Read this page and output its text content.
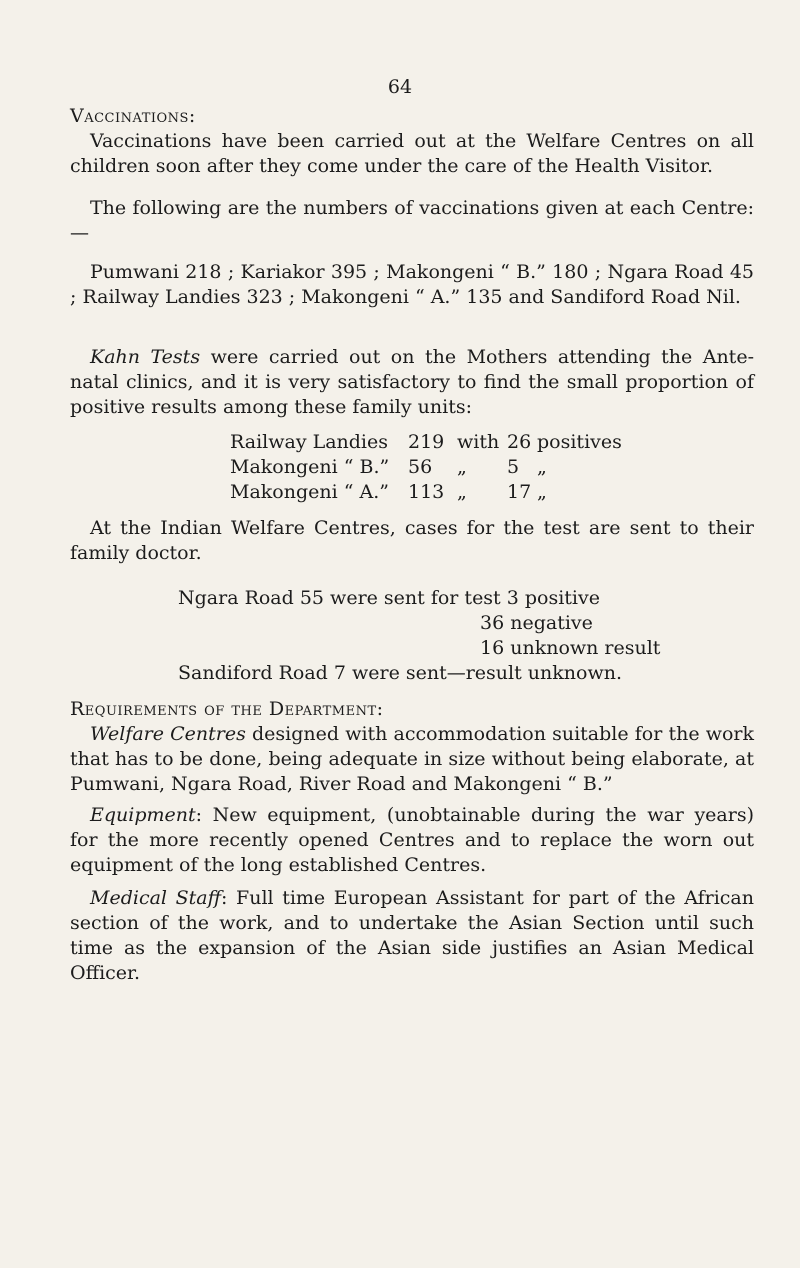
64
Vaccinations:

Vaccinations have been carried out at the Welfare Centres on all children soon after they come under the care of the Health Visitor.

The following are the numbers of vaccinations given at each Centre:—

Pumwani 218 ; Kariakor 395 ; Makongeni “ B.” 180 ; Ngara Road 45 ; Railway Landies 323 ; Makongeni “ A.” 135 and Sandiford Road Nil.

Kahn Tests were carried out on the Mothers attending the Ante-natal clinics, and it is very satisfactory to find the small proportion of positive results among these family units:

Railway Landies	219	with	26	positives
Makongeni “ B.”	56	„	5	„
Makongeni “ A.”	113	„	17	„

At the Indian Welfare Centres, cases for the test are sent to their family doctor.

Ngara Road 55 were sent for test 3 positive
36 negative
16 unknown result
Sandiford Road 7 were sent—result unknown.
Requirements of the Department:

Welfare Centres designed with accommodation suitable for the work that has to be done, being adequate in size without being elaborate, at Pumwani, Ngara Road, River Road and Makongeni “ B.”

Equipment: New equipment, (unobtainable during the war years) for the more recently opened Centres and to replace the worn out equipment of the long established Centres.

Medical Staff: Full time European Assistant for part of the African section of the work, and to undertake the Asian Section until such time as the expansion of the Asian side justifies an Asian Medical Officer.
